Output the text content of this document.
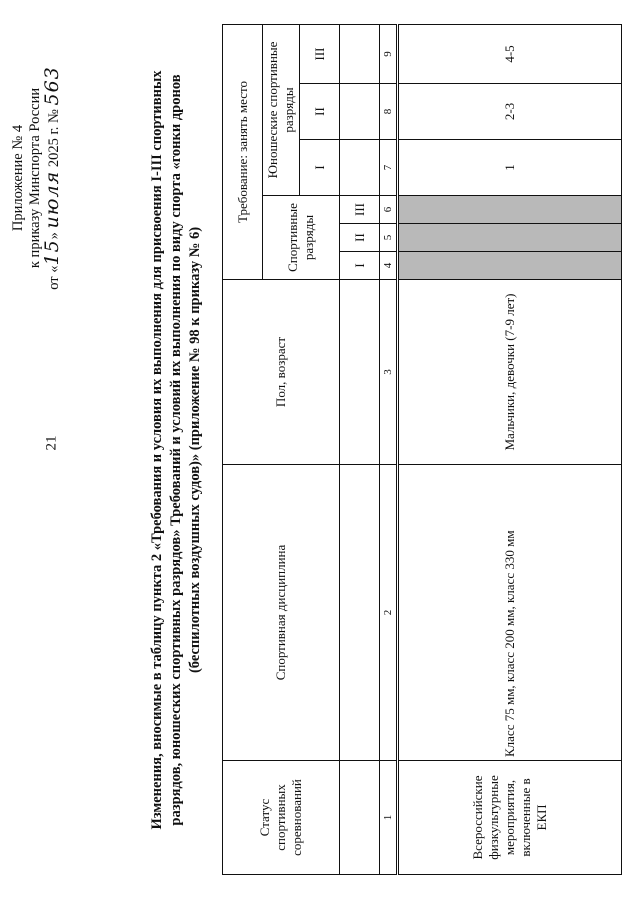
21
Приложение № 4 к приказу Минспорта России
от «15» июля 2025 г. № 563	Изменения, вносимые в таблицу пункта 2 «Требования и условия их выполнения для присвоения I-III спортивных разрядов, юношеских спортивных разрядов» Требований и условий их выполнения по виду спорта «гонки дронов (беспилотных воздушных судов)» (приложение № 98 к приказу № 6)
Статус спортивных соревнований	Спортивная дисциплина	Пол, возраст	Требование: занять место					
			Спортивные разряды			Юношеские спортивные разряды		
						I	II	III
			I	II	III			
1	2	3	4	5	6	7	8	9
Всероссийские физкультурные мероприятия, включенные в ЕКП	Класс 75 мм, класс 200 мм, класс 330 мм	Мальчики, девочки (7-9 лет)				1	2-3	4-5
